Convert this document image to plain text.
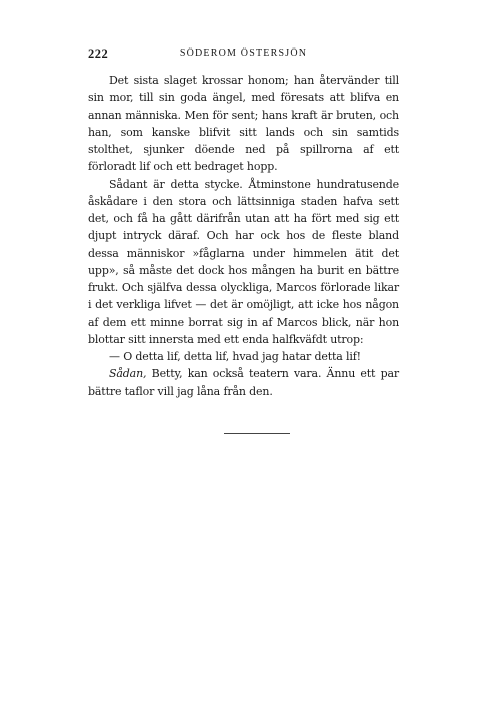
222	SÖDEROM ÖSTERSJÖN

Det sista slaget krossar honom; han återvänder till sin mor, till sin goda ängel, med föresats att blifva en annan människa. Men för sent; hans kraft är bruten, och han, som kanske blifvit sitt lands och sin samtids stolthet, sjunker döende ned på spillrorna af ett förloradt lif och ett bedraget hopp.

Sådant är detta stycke. Åtminstone hundratusende åskådare i den stora och lättsinniga staden hafva sett det, och få ha gått därifrån utan att ha fört med sig ett djupt intryck däraf. Och har ock hos de fleste bland dessa människor »fåglarna under himmelen ätit det upp», så måste det dock hos mången ha burit en bättre frukt. Och själfva dessa olyckliga, Marcos förlorade likar i det verkliga lifvet — det är omöjligt, att icke hos någon af dem ett minne borrat sig in af Marcos blick, när hon blottar sitt innersta med ett enda halfkväfdt utrop:

— O detta lif, detta lif, hvad jag hatar detta lif!

Sådan, Betty, kan också teatern vara. Ännu ett par bättre taflor vill jag låna från den.
